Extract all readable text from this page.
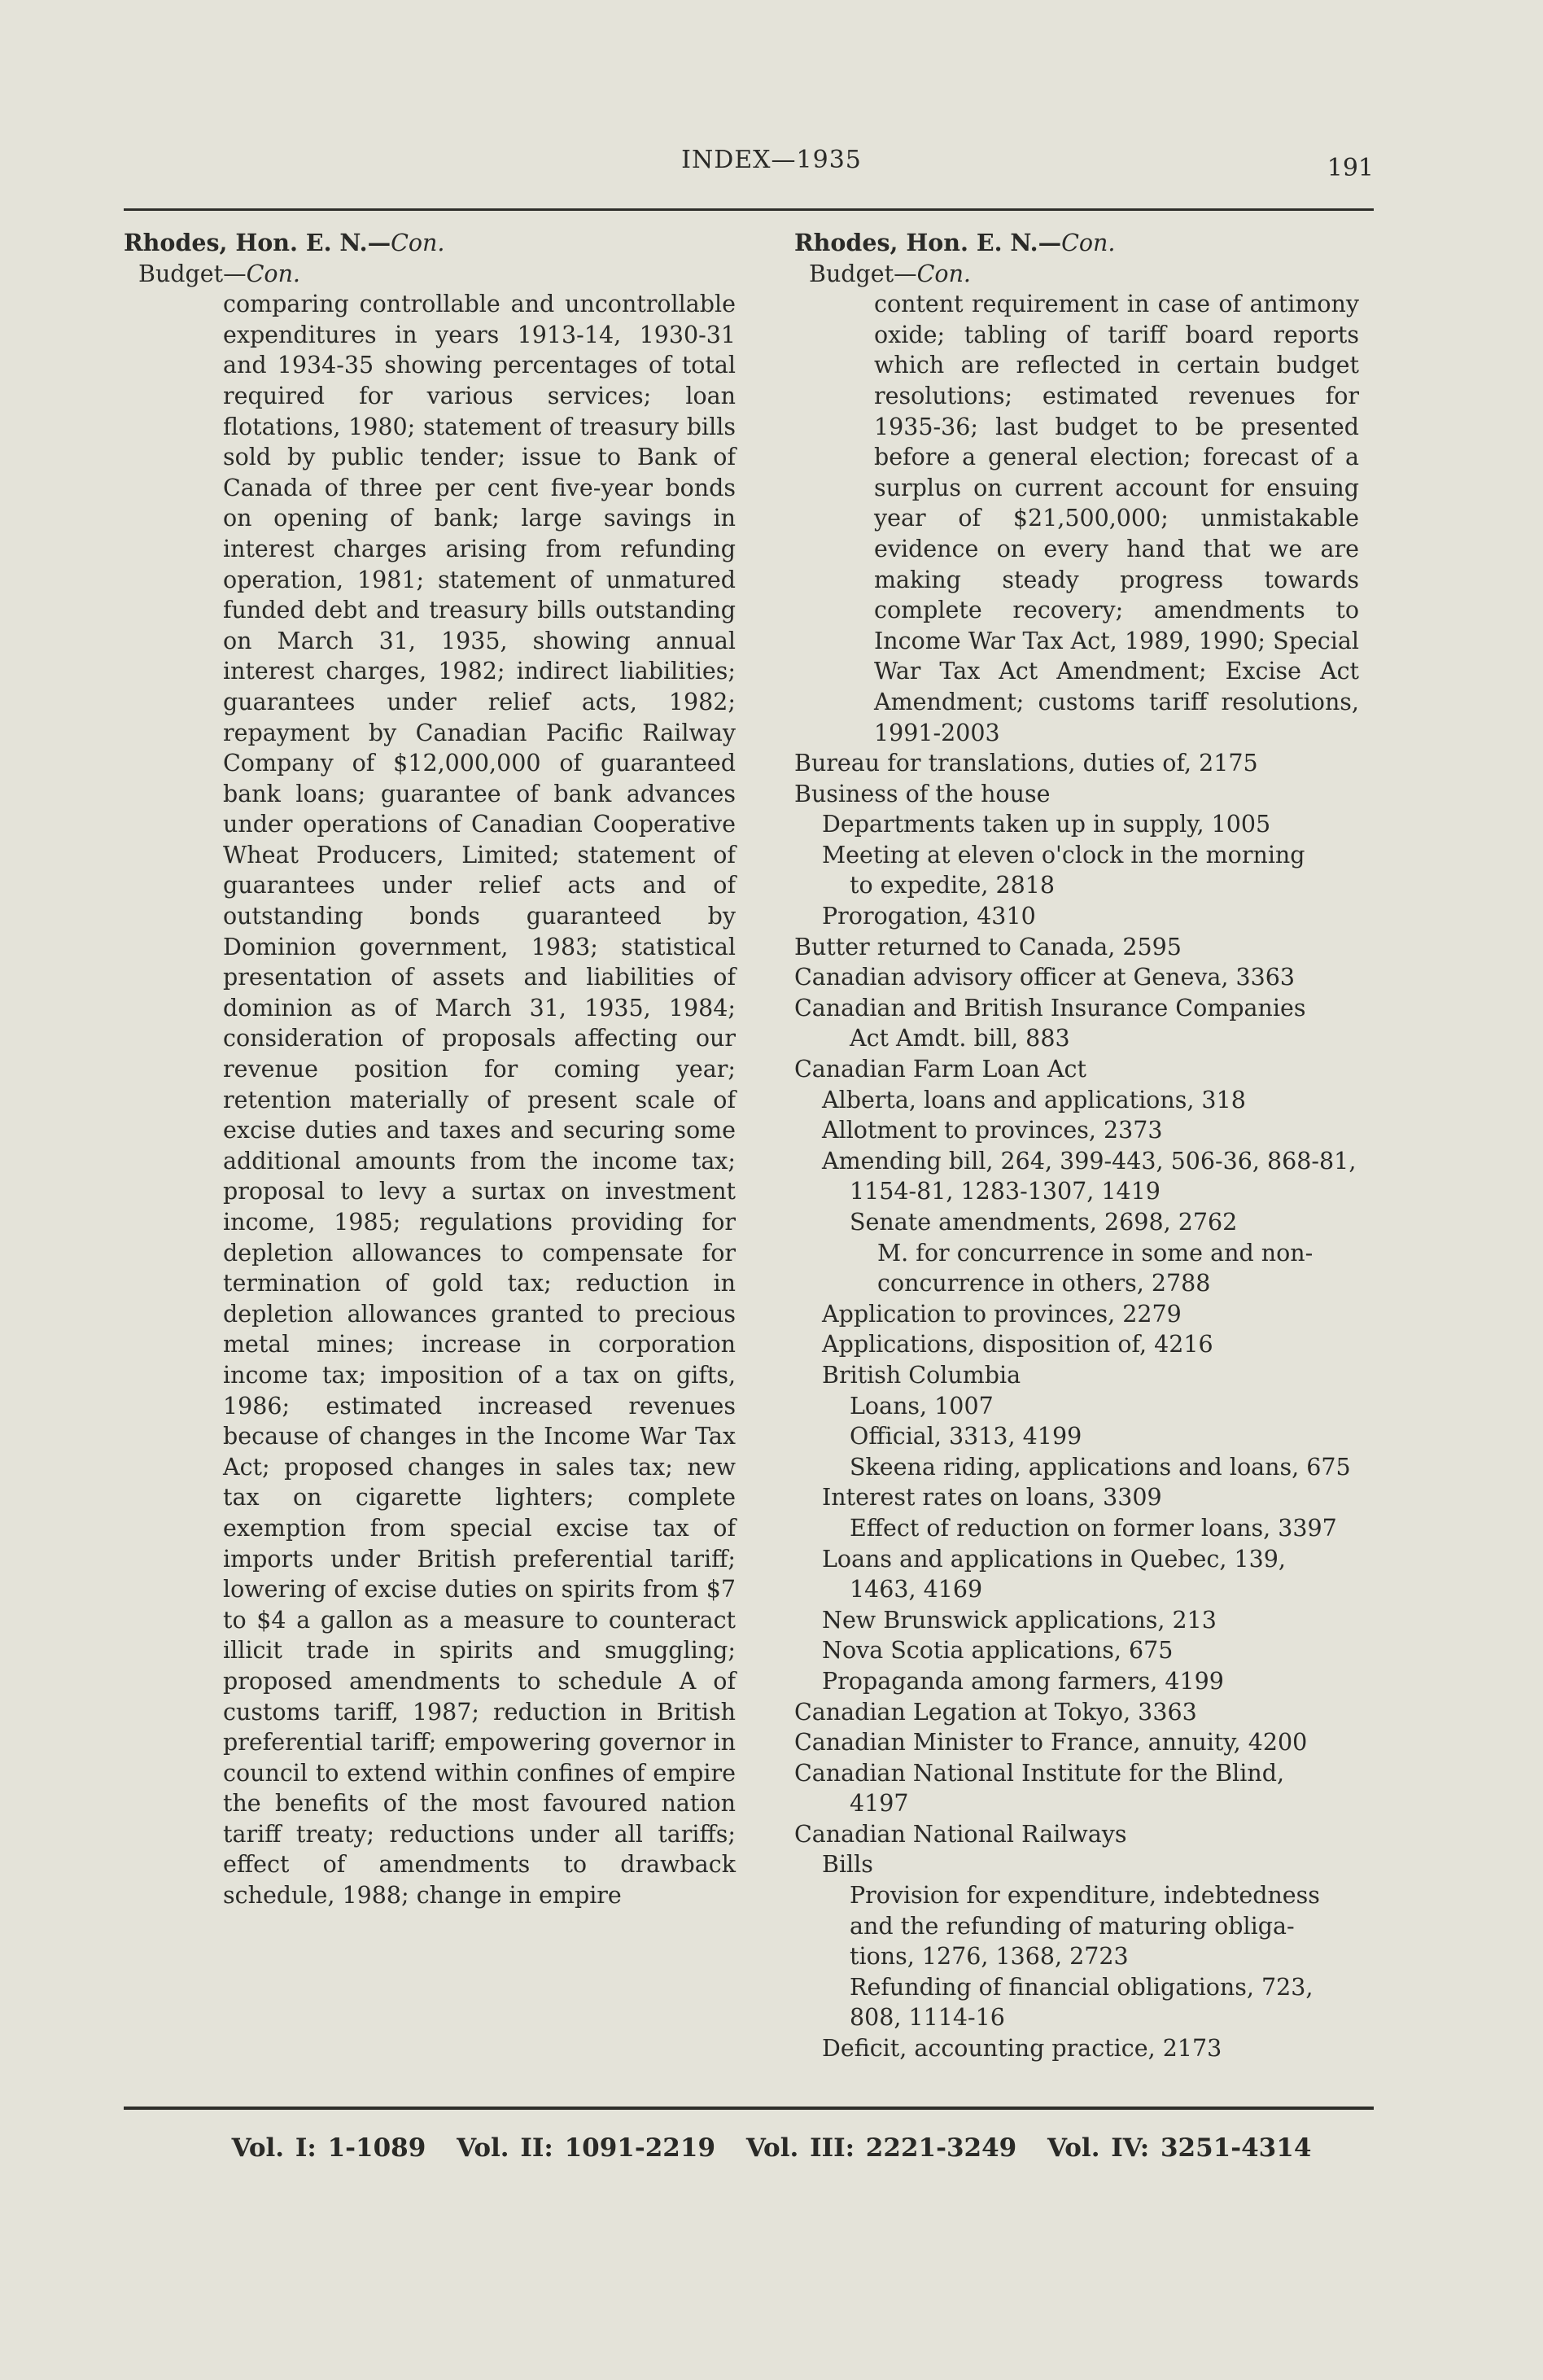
INDEX—1935	191
Rhodes, Hon. E. N.—Con.
Budget—Con.
comparing controllable and uncontrollable expenditures in years 1913-14, 1930-31 and 1934-35 showing percentages of total required for various services; loan flotations, 1980; statement of treasury bills sold by public tender; issue to Bank of Canada of three per cent five-year bonds on opening of bank; large savings in interest charges arising from refunding operation, 1981; statement of unmatured funded debt and treasury bills outstanding on March 31, 1935, showing annual interest charges, 1982; indirect liabilities; guarantees under relief acts, 1982; repayment by Canadian Pacific Railway Company of $12,000,000 of guaranteed bank loans; guarantee of bank advances under operations of Canadian Cooperative Wheat Producers, Limited; statement of guarantees under relief acts and of outstanding bonds guaranteed by Dominion government, 1983; statistical presentation of assets and liabilities of dominion as of March 31, 1935, 1984; consideration of proposals affecting our revenue position for coming year; retention materially of present scale of excise duties and taxes and securing some additional amounts from the income tax; proposal to levy a surtax on investment income, 1985; regulations providing for depletion allowances to compensate for termination of gold tax; reduction in depletion allowances granted to precious metal mines; increase in corporation income tax; imposition of a tax on gifts, 1986; estimated increased revenues because of changes in the Income War Tax Act; proposed changes in sales tax; new tax on cigarette lighters; complete exemption from special excise tax of imports under British preferential tariff; lowering of excise duties on spirits from $7 to $4 a gallon as a measure to counteract illicit trade in spirits and smuggling; proposed amendments to schedule A of customs tariff, 1987; reduction in British preferential tariff; empowering governor in council to extend within confines of empire the benefits of the most favoured nation tariff treaty; reductions under all tariffs; effect of amendments to drawback schedule, 1988; change in empire
Rhodes, Hon. E. N.—Con.
Budget—Con.
content requirement in case of antimony oxide; tabling of tariff board reports which are reflected in certain budget resolutions; estimated revenues for 1935-36; last budget to be presented before a general election; forecast of a surplus on current account for ensuing year of $21,500,000; unmistakable evidence on every hand that we are making steady progress towards complete recovery; amendments to Income War Tax Act, 1989, 1990; Special War Tax Act Amendment; Excise Act Amendment; customs tariff resolutions, 1991-2003
Bureau for translations, duties of, 2175
Business of the house
Departments taken up in supply, 1005
Meeting at eleven o'clock in the morning
to expedite, 2818
Prorogation, 4310
Butter returned to Canada, 2595
Canadian advisory officer at Geneva, 3363
Canadian and British Insurance Companies
Act Amdt. bill, 883
Canadian Farm Loan Act
Alberta, loans and applications, 318
Allotment to provinces, 2373
Amending bill, 264, 399-443, 506-36, 868-81,
1154-81, 1283-1307, 1419
Senate amendments, 2698, 2762
M. for concurrence in some and non-
concurrence in others, 2788
Application to provinces, 2279
Applications, disposition of, 4216
British Columbia
Loans, 1007
Official, 3313, 4199
Skeena riding, applications and loans, 675
Interest rates on loans, 3309
Effect of reduction on former loans, 3397
Loans and applications in Quebec, 139,
1463, 4169
New Brunswick applications, 213
Nova Scotia applications, 675
Propaganda among farmers, 4199
Canadian Legation at Tokyo, 3363
Canadian Minister to France, annuity, 4200
Canadian National Institute for the Blind,
4197
Canadian National Railways
Bills
Provision for expenditure, indebtedness
and the refunding of maturing obliga-
tions, 1276, 1368, 2723
Refunding of financial obligations, 723,
808, 1114-16
Deficit, accounting practice, 2173
Vol. I: 1-1089 Vol. II: 1091-2219 Vol. III: 2221-3249 Vol. IV: 3251-4314
